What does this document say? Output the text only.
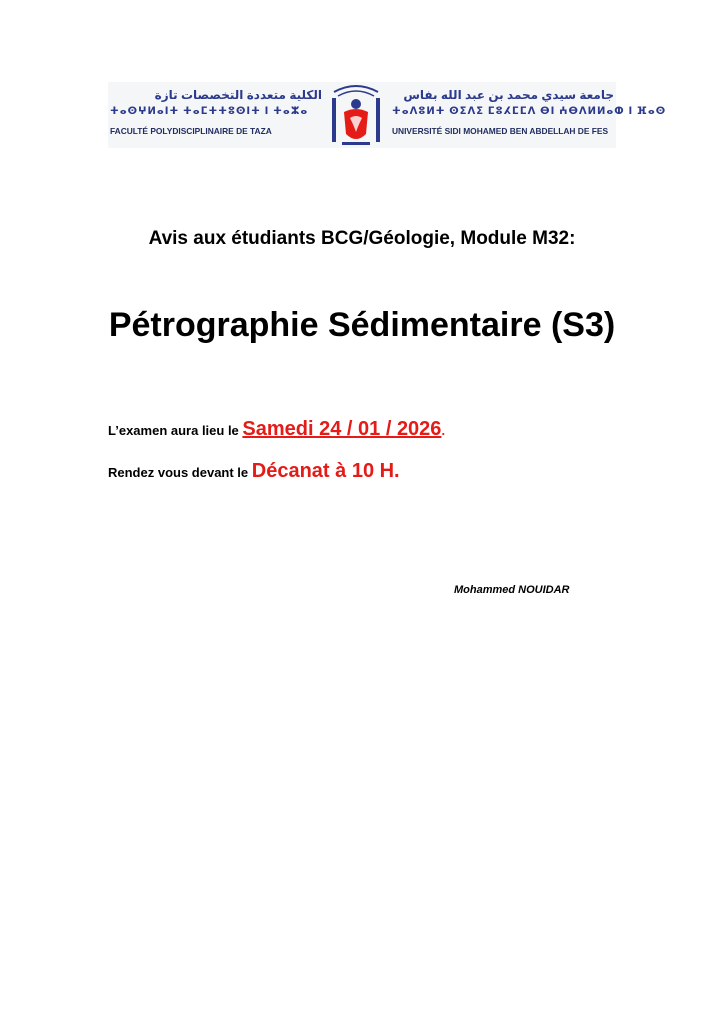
الكلية متعددة التخصصات تازة
ⵜⴰⵙⵖⵍⴰⵏⵜ ⵜⴰⵎⵜⵜⵓⵙⵏⵜ ⵏ ⵜⴰⵣⴰ
FACULTÉ POLYDISCIPLINAIRE DE TAZA
جامعة سيدي محمد بن عبد الله بفاس
ⵜⴰⴷⵓⵍⵜ ⵙⵉⴷⵉ ⵎⵓⵃⵎⵎⴷ ⴱⵏ ⵄⴱⴷⵍⵍⴰⵀ ⵏ ⴼⴰⵙ
UNIVERSITÉ SIDI MOHAMED BEN ABDELLAH DE FES
Avis aux étudiants BCG/Géologie, Module M32:
Pétrographie Sédimentaire (S3)
L’examen aura lieu le Samedi 24 / 01 / 2026.
Rendez vous devant le Décanat à 10 H.
Mohammed NOUIDAR
